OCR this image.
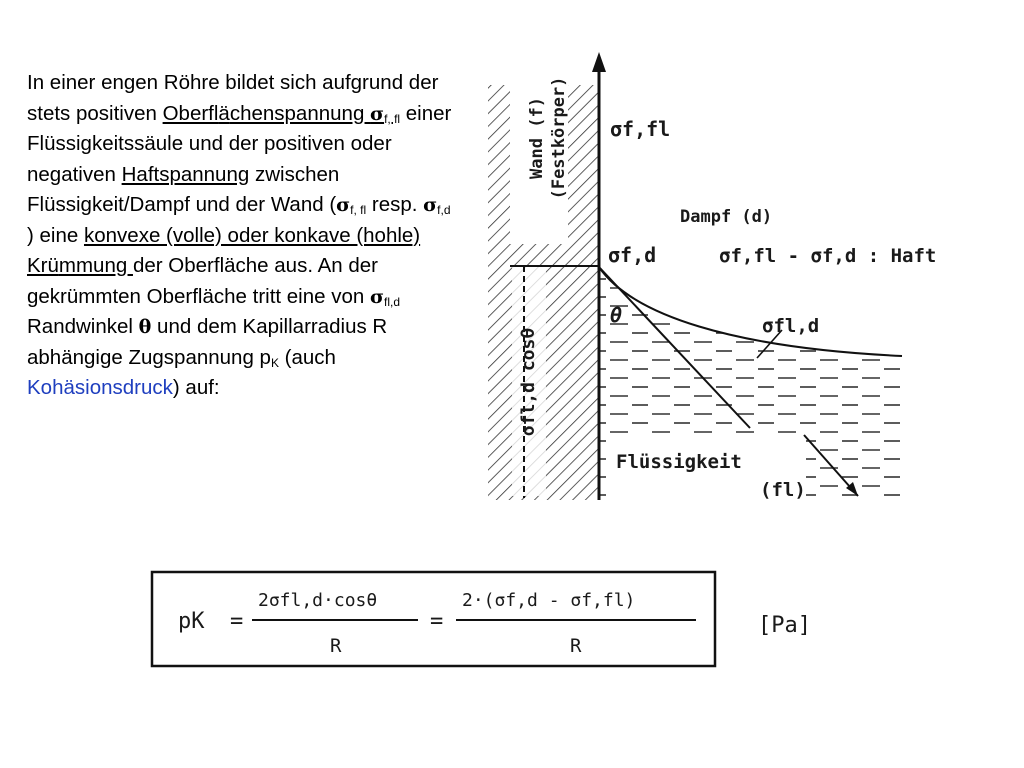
In einer engen Röhre bildet sich aufgrund der stets positiven Oberflächenspannung $\sigma_{f, fl}$ einer Flüssigkeitssäule und der positiven oder negativen Haftspannung zwischen Flüssigkeit/Dampf und der Wand ($\sigma_{f, fl}$ resp. $\sigma_{f,d}$ ) eine konvexe (volle) oder konkave (hohle) Krümmung der Oberfläche aus. An der gekrümmten Oberfläche tritt eine von $\sigma_{fl,d}$ Randwinkel θ und dem Kapillarradius R abhängige Zugspannung $p_K$ (auch Kohäsionsdruck) auf:
Wand (f) (Festkörper) σf,fl
Dampf (d)
σf,d	σf,fl - σf,d : Haft
θ	σfl,d
σfl,d cosθ
Flüssigkeit
(fl)
pK =
2σfl,d·cosθ
R
=
2·(σf,d - σf,fl)
R
[Pa]
